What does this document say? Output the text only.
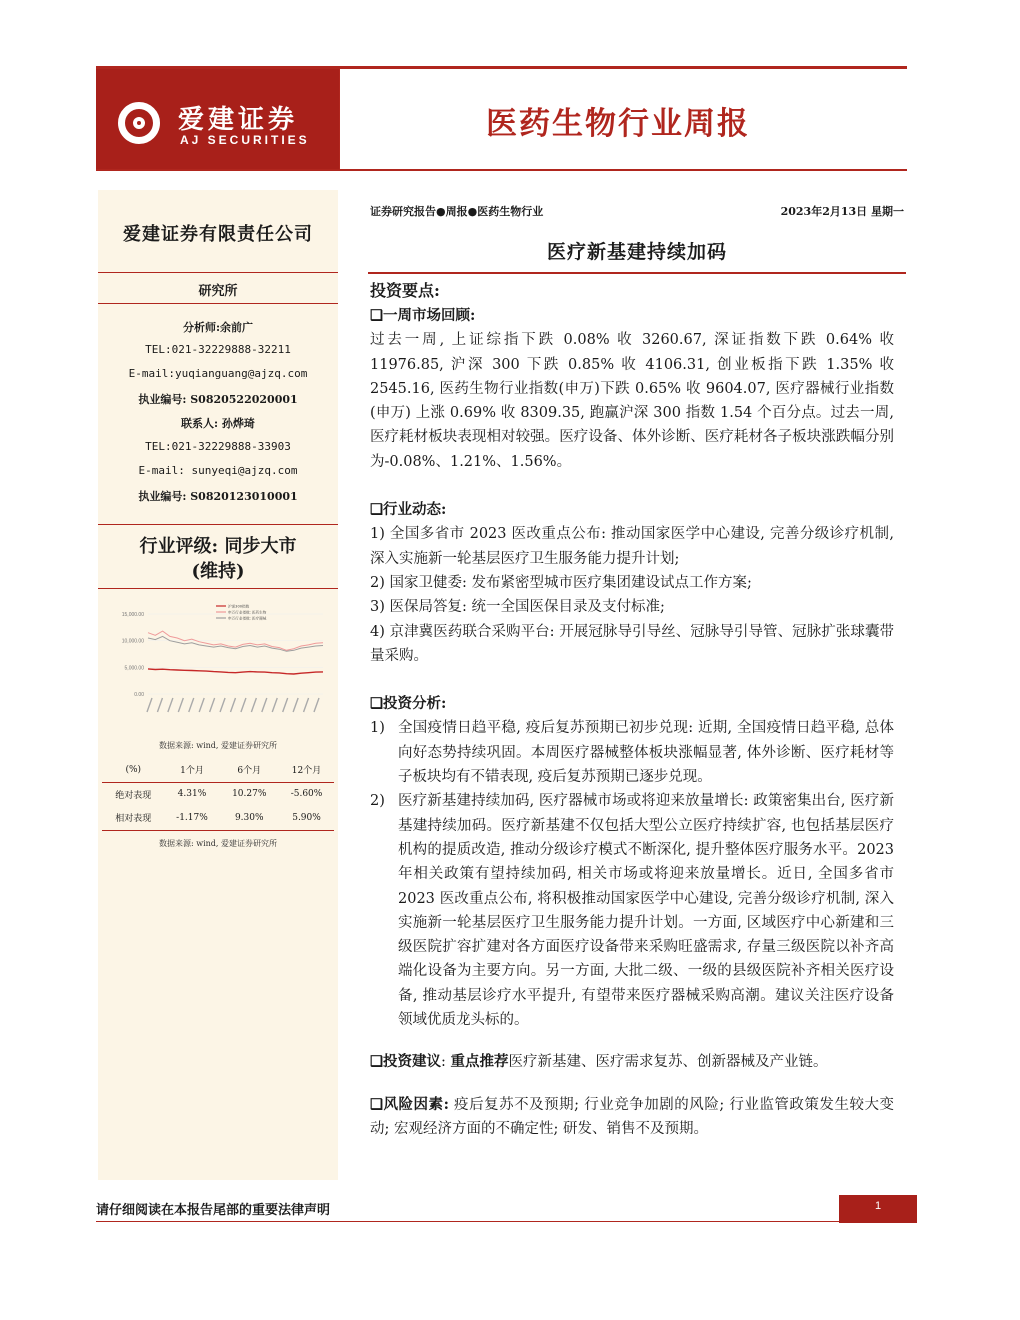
爱建证券
AJ SECURITIES	医药生物行业周报
爱建证券有限责任公司
研究所
分析师:余前广
TEL:021-32229888-32211
E-mail:yuqianguang@ajzq.com
执业编号: S0820522020001
联系人: 孙烨琦
TEL:021-32229888-33903
E-mail: sunyeqi@ajzq.com
执业编号: S0820123010001
行业评级: 同步大市
(维持)
15,000.00
10,000.00
5,000.00
0.00
沪深300指数
申万行业指数: 医药生物
申万行业指数: 医疗器械
数据来源: wind, 爱建证券研究所
(%)	1个月	6个月	12个月
绝对表现	4.31%	10.27%	-5.60%
相对表现	-1.17%	9.30%	5.90%
数据来源: wind, 爱建证券研究所
证券研究报告●周报●医药生物行业	2023年2月13日 星期一
医疗新基建持续加码
投资要点:
❑一周市场回顾:
过去一周, 上证综指下跌 0.08% 收 3260.67, 深证指数下跌 0.64% 收 11976.85, 沪深 300 下跌 0.85% 收 4106.31, 创业板指下跌 1.35% 收 2545.16, 医药生物行业指数(申万)下跌 0.65% 收 9604.07, 医疗器械行业指数(申万) 上涨 0.69% 收 8309.35, 跑赢沪深 300 指数 1.54 个百分点。过去一周, 医疗耗材板块表现相对较强。医疗设备、体外诊断、医疗耗材各子板块涨跌幅分别为-0.08%、1.21%、1.56%。
❑行业动态:
1) 全国多省市 2023 医改重点公布: 推动国家医学中心建设, 完善分级诊疗机制, 深入实施新一轮基层医疗卫生服务能力提升计划;
2) 国家卫健委: 发布紧密型城市医疗集团建设试点工作方案;
3) 医保局答复: 统一全国医保目录及支付标准;
4) 京津冀医药联合采购平台: 开展冠脉导引导丝、冠脉导引导管、冠脉扩张球囊带量采购。
❑投资分析:
1) 全国疫情日趋平稳, 疫后复苏预期已初步兑现: 近期, 全国疫情日趋平稳, 总体向好态势持续巩固。本周医疗器械整体板块涨幅显著, 体外诊断、医疗耗材等子板块均有不错表现, 疫后复苏预期已逐步兑现。
2) 医疗新基建持续加码, 医疗器械市场或将迎来放量增长: 政策密集出台, 医疗新基建持续加码。医疗新基建不仅包括大型公立医疗持续扩容, 也包括基层医疗机构的提质改造, 推动分级诊疗模式不断深化, 提升整体医疗服务水平。2023 年相关政策有望持续加码, 相关市场或将迎来放量增长。近日, 全国多省市 2023 医改重点公布, 将积极推动国家医学中心建设, 完善分级诊疗机制, 深入实施新一轮基层医疗卫生服务能力提升计划。一方面, 区域医疗中心新建和三级医院扩容扩建对各方面医疗设备带来采购旺盛需求, 存量三级医院以补齐高端化设备为主要方向。另一方面, 大批二级、一级的县级医院补齐相关医疗设备, 推动基层诊疗水平提升, 有望带来医疗器械采购高潮。建议关注医疗设备领域优质龙头标的。
❑投资建议: 重点推荐医疗新基建、医疗需求复苏、创新器械及产业链。
❑风险因素: 疫后复苏不及预期; 行业竞争加剧的风险; 行业监管政策发生较大变动; 宏观经济方面的不确定性; 研发、销售不及预期。
请仔细阅读在本报告尾部的重要法律声明	1
